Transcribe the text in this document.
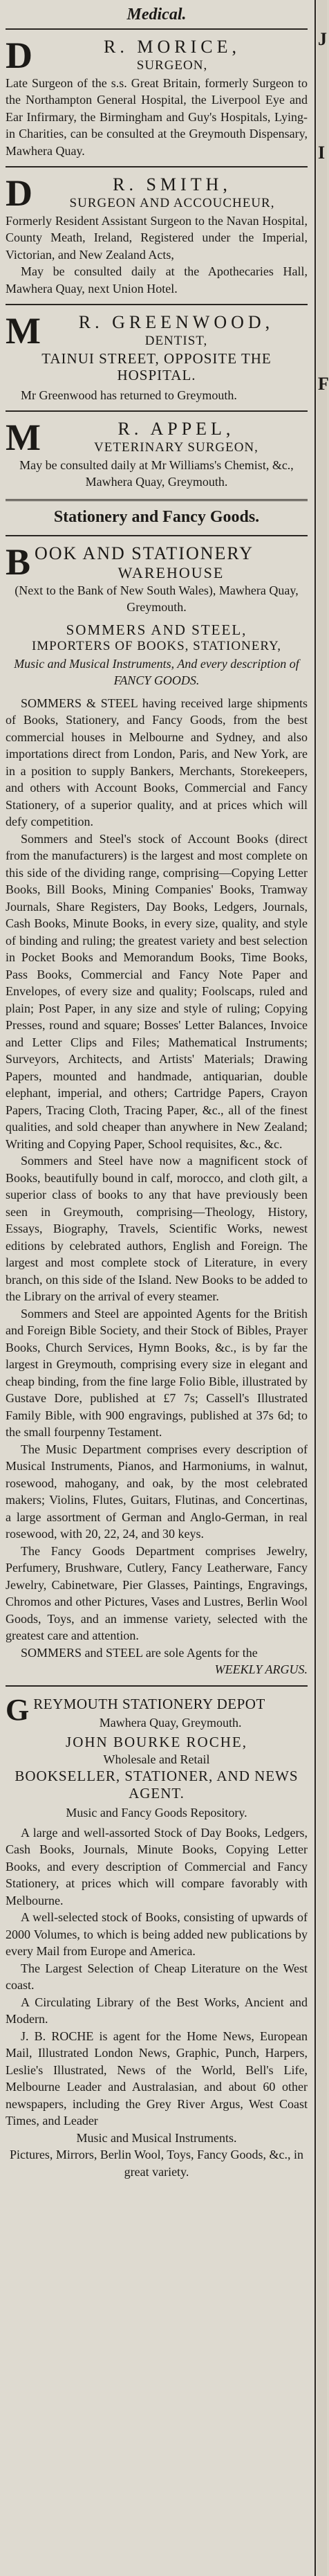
Medical.
D	R. MORICE,
SURGEON,

Late Surgeon of the s.s. Great Britain, formerly Surgeon to the Northampton General Hospital, the Liverpool Eye and Ear Infirmary, the Birmingham and Guy's Hospitals, Lying-in Charities, can be consulted at the Greymouth Dispensary, Mawhera Quay.

D	R. SMITH,
SURGEON AND ACCOUCHEUR,

Formerly Resident Assistant Surgeon to the Navan Hospital, County Meath, Ireland, Registered under the Imperial, Victorian, and New Zealand Acts,

May be consulted daily at the Apothecaries Hall, Mawhera Quay, next Union Hotel.

M	R. GREENWOOD,
DENTIST,
TAINUI STREET, OPPOSITE THE HOSPITAL.

Mr Greenwood has returned to Greymouth.

M	R. APPEL,
VETERINARY SURGEON,

May be consulted daily at Mr Williams's Chemist, &c., Mawhera Quay, Greymouth.

Stationery and Fancy Goods.
B OOK AND STATIONERY
WAREHOUSE

(Next to the Bank of New South Wales), Mawhera Quay, Greymouth.

SOMMERS AND STEEL,
IMPORTERS OF BOOKS, STATIONERY,

Music and Musical Instruments, And every description of FANCY GOODS.

SOMMERS & STEEL having received large shipments of Books, Stationery, and Fancy Goods, from the best commercial houses in Melbourne and Sydney, and also importations direct from London, Paris, and New York, are in a position to supply Bankers, Merchants, Storekeepers, and others with Account Books, Commercial and Fancy Stationery, of a superior quality, and at prices which will defy competition.

Sommers and Steel's stock of Account Books (direct from the manufacturers) is the largest and most complete on this side of the dividing range, comprising—Copying Letter Books, Bill Books, Mining Companies' Books, Tramway Journals, Share Registers, Day Books, Ledgers, Journals, Cash Books, Minute Books, in every size, quality, and style of binding and ruling; the greatest variety and best selection in Pocket Books and Memorandum Books, Time Books, Pass Books, Commercial and Fancy Note Paper and Envelopes, of every size and quality; Foolscaps, ruled and plain; Post Paper, in any size and style of ruling; Copying Presses, round and square; Bosses' Letter Balances, Invoice and Letter Clips and Files; Mathematical Instruments; Surveyors, Architects, and Artists' Materials; Drawing Papers, mounted and handmade, antiquarian, double elephant, imperial, and others; Cartridge Papers, Crayon Papers, Tracing Cloth, Tracing Paper, &c., all of the finest qualities, and sold cheaper than anywhere in New Zealand; Writing and Copying Paper, School requisites, &c., &c.

Sommers and Steel have now a magnificent stock of Books, beautifully bound in calf, morocco, and cloth gilt, a superior class of books to any that have previously been seen in Greymouth, comprising—Theology, History, Essays, Biography, Travels, Scientific Works, newest editions by celebrated authors, English and Foreign. The largest and most complete stock of Literature, in every branch, on this side of the Island. New Books to be added to the Library on the arrival of every steamer.

Sommers and Steel are appointed Agents for the British and Foreign Bible Society, and their Stock of Bibles, Prayer Books, Church Services, Hymn Books, &c., is by far the largest in Greymouth, comprising every size in elegant and cheap binding, from the fine large Folio Bible, illustrated by Gustave Dore, published at £7 7s; Cassell's Illustrated Family Bible, with 900 engravings, published at 37s 6d; to the small fourpenny Testament.

The Music Department comprises every description of Musical Instruments, Pianos, and Harmoniums, in walnut, rosewood, mahogany, and oak, by the most celebrated makers; Violins, Flutes, Guitars, Flutinas, and Concertinas, a large assortment of German and Anglo-German, in real rosewood, with 20, 22, 24, and 30 keys.

The Fancy Goods Department comprises Jewelry, Perfumery, Brushware, Cutlery, Fancy Leatherware, Fancy Jewelry, Cabinetware, Pier Glasses, Paintings, Engravings, Chromos and other Pictures, Vases and Lustres, Berlin Wool Goods, Toys, and an immense variety, selected with the greatest care and attention.

SOMMERS and STEEL are sole Agents for the
WEEKLY ARGUS.

G REYMOUTH STATIONERY DEPOT
Mawhera Quay, Greymouth.
JOHN BOURKE ROCHE,
Wholesale and Retail
BOOKSELLER, STATIONER, AND NEWS AGENT.
Music and Fancy Goods Repository.

A large and well-assorted Stock of Day Books, Ledgers, Cash Books, Journals, Minute Books, Copying Letter Books, and every description of Commercial and Fancy Stationery, at prices which will compare favorably with Melbourne.

A well-selected stock of Books, consisting of upwards of 2000 Volumes, to which is being added new publications by every Mail from Europe and America.

The Largest Selection of Cheap Literature on the West coast.

A Circulating Library of the Best Works, Ancient and Modern.

J. B. ROCHE is agent for the Home News, European Mail, Illustrated London News, Graphic, Punch, Harpers, Leslie's Illustrated, News of the World, Bell's Life, Melbourne Leader and Australasian, and about 60 other newspapers, including the Grey River Argus, West Coast Times, and Leader

Music and Musical Instruments.

Pictures, Mirrors, Berlin Wool, Toys, Fancy Goods, &c., in great variety.

J
I
F
